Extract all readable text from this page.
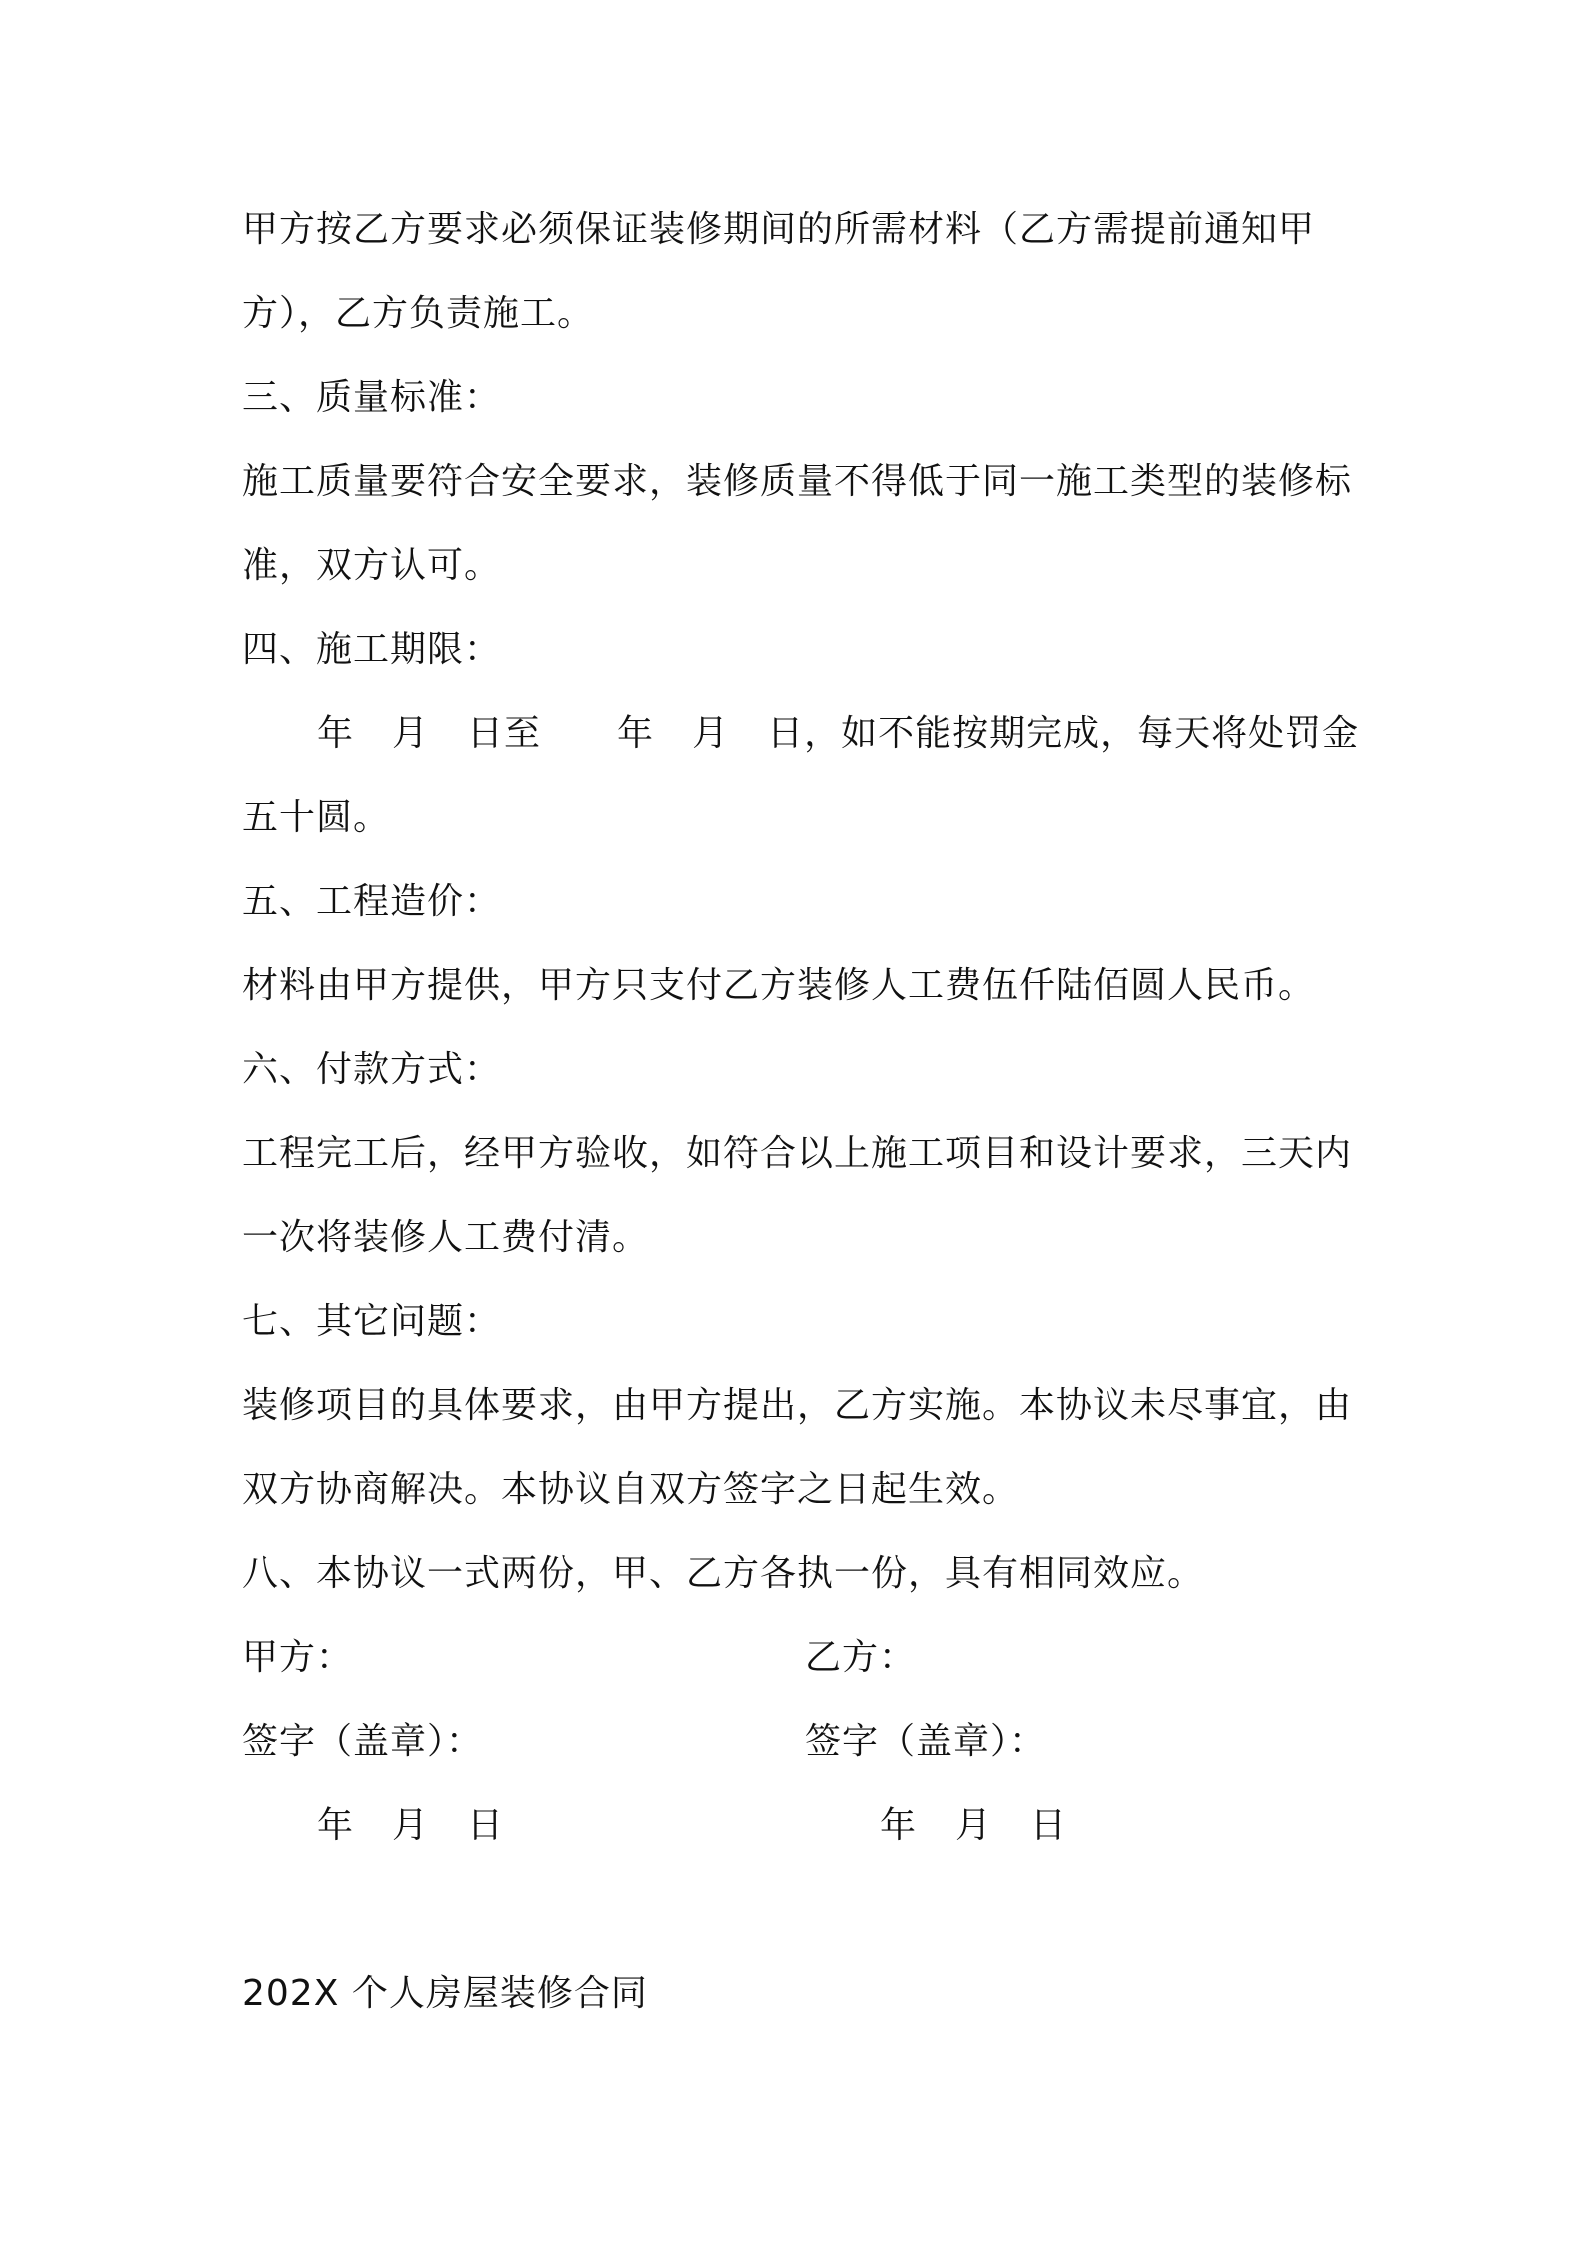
甲方按乙方要求必须保证装修期间的所需材料（乙方需提前通知甲
方），乙方负责施工。
三、质量标准：
施工质量要符合安全要求，装修质量不得低于同一施工类型的装修标
准，双方认可。
四、施工期限：
年 月 日至 年 月 日，如不能按期完成，每天将处罚金
五十圆。
五、工程造价：
材料由甲方提供，甲方只支付乙方装修人工费伍仟陆佰圆人民币。
六、付款方式：
工程完工后，经甲方验收，如符合以上施工项目和设计要求，三天内
一次将装修人工费付清。
七、其它问题：
装修项目的具体要求，由甲方提出，乙方实施。本协议未尽事宜，由
双方协商解决。本协议自双方签字之日起生效。
八、本协议一式两份，甲、乙方各执一份，具有相同效应。
甲方：	乙方：
签字（盖章）：	签字（盖章）：
年 月 日	年 月 日
202X 个人房屋装修合同
